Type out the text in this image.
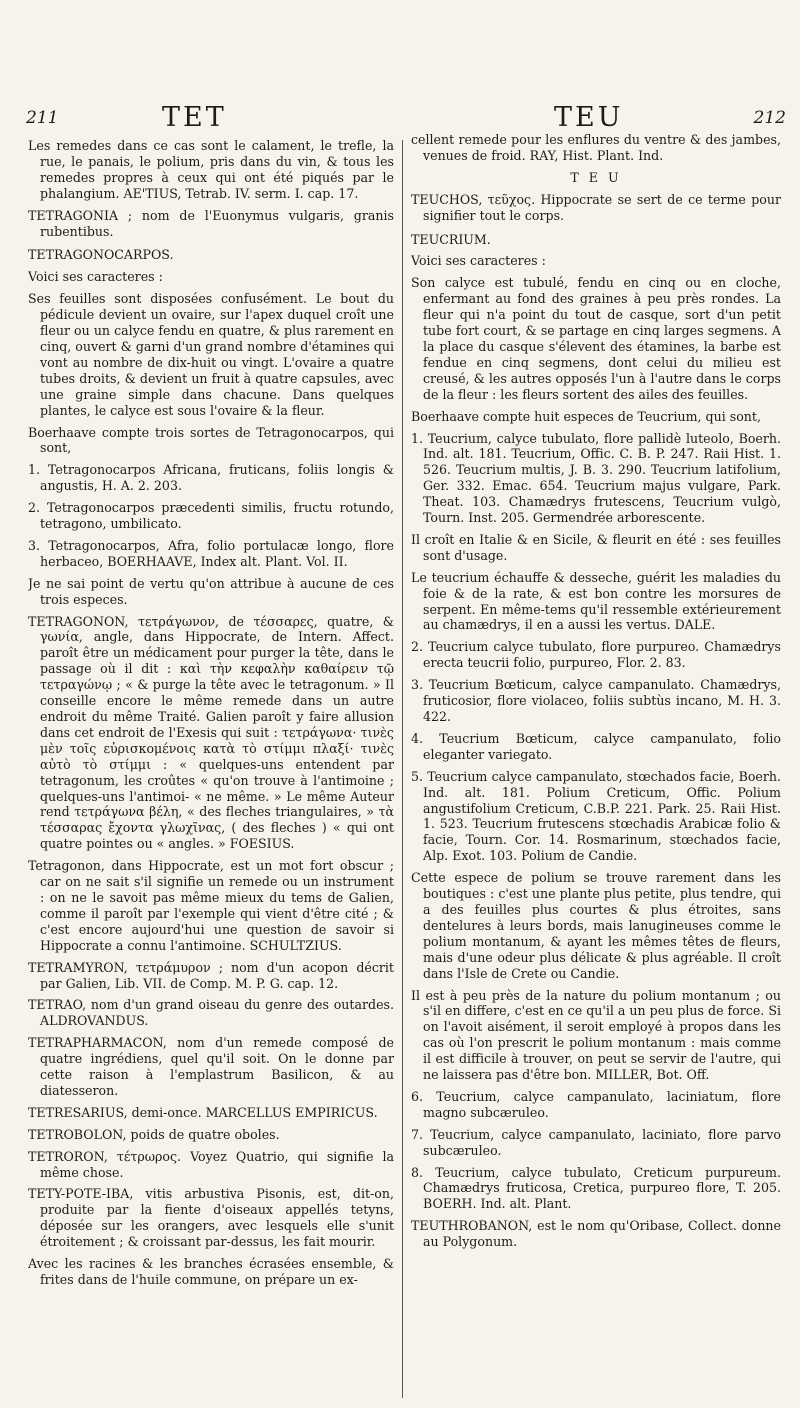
211	TET	TEU	212
Les remedes dans ce cas sont le calament, le trefle, la rue, le panais, le polium, pris dans du vin, & tous les remedes propres à ceux qui ont été piqués par le phalangium. AE'TIUS, Tetrab. IV. serm. I. cap. 17.
TETRAGONIA ; nom de l'Euonymus vulgaris, granis rubentibus.
TETRAGONOCARPOS.
Voici ses caracteres :
Ses feuilles sont disposées confusément. Le bout du pédicule devient un ovaire, sur l'apex duquel croît une fleur ou un calyce fendu en quatre, & plus rarement en cinq, ouvert & garni d'un grand nombre d'étamines qui vont au nombre de dix-huit ou vingt. L'ovaire a quatre tubes droits, & devient un fruit à quatre capsules, avec une graine simple dans chacune. Dans quelques plantes, le calyce est sous l'ovaire & la fleur.
Boerhaave compte trois sortes de Tetragonocarpos, qui sont,
1. Tetragonocarpos Africana, fruticans, foliis longis & angustis, H. A. 2. 203.
2. Tetragonocarpos præcedenti similis, fructu rotundo, tetragono, umbilicato.
3. Tetragonocarpos, Afra, folio portulacæ longo, flore herbaceo, BOERHAAVE, Index alt. Plant. Vol. II.
Je ne sai point de vertu qu'on attribue à aucune de ces trois especes.
TETRAGONON, τετράγωνον, de τέσσαρες, quatre, & γωνία, angle, dans Hippocrate, de Intern. Affect. paroît être un médicament pour purger la tête, dans le passage où il dit : καὶ τὴν κεφαλὴν καθαίρειν τῷ τετραγώνῳ ; « & purge la tête avec le tetragonum. » Il conseille encore le même remede dans un autre endroit du même Traité. Galien paroît y faire allusion dans cet endroit de l'Exesis qui suit : τετράγωνα· τινὲς μὲν τοῖς εὐρισκομένοις κατὰ τὸ στίμμι πλαξί· τινὲς αὐτὸ τὸ στίμμι : « quelques-uns entendent par tetragonum, les croûtes « qu'on trouve à l'antimoine ; quelques-uns l'antimoi- « ne même. » Le même Auteur rend τετράγωνα βέλη, « des fleches triangulaires, » τὰ τέσσαρας ἔχοντα γλωχῖνας, ( des fleches ) « qui ont quatre pointes ou « angles. » FOESIUS.
Tetragonon, dans Hippocrate, est un mot fort obscur ; car on ne sait s'il signifie un remede ou un instrument : on ne le savoit pas même mieux du tems de Galien, comme il paroît par l'exemple qui vient d'être cité ; & c'est encore aujourd'hui une question de savoir si Hippocrate a connu l'antimoine. SCHULTZIUS.
TETRAMYRON, τετράμυρον ; nom d'un acopon décrit par Galien, Lib. VII. de Comp. M. P. G. cap. 12.
TETRAO, nom d'un grand oiseau du genre des outardes. ALDROVANDUS.
TETRAPHARMACON, nom d'un remede composé de quatre ingrédiens, quel qu'il soit. On le donne par cette raison à l'emplastrum Basilicon, & au diatesseron.
TETRESARIUS, demi-once. MARCELLUS EMPIRICUS.
TETROBOLON, poids de quatre oboles.
TETRORON, τέτρωρος. Voyez Quatrio, qui signifie la même chose.
TETY-POTE-IBA, vitis arbustiva Pisonis, est, dit-on, produite par la fiente d'oiseaux appellés tetyns, déposée sur les orangers, avec lesquels elle s'unit étroitement ; & croissant par-dessus, les fait mourir.
Avec les racines & les branches écrasées ensemble, & frites dans de l'huile commune, on prépare un ex-
cellent remede pour les enflures du ventre & des jambes, venues de froid. RAY, Hist. Plant. Ind.
T E U
TEUCHOS, τεῦχος. Hippocrate se sert de ce terme pour signifier tout le corps.
TEUCRIUM.
Voici ses caracteres :
Son calyce est tubulé, fendu en cinq ou en cloche, enfermant au fond des graines à peu près rondes. La fleur qui n'a point du tout de casque, sort d'un petit tube fort court, & se partage en cinq larges segmens. A la place du casque s'élevent des étamines, la barbe est fendue en cinq segmens, dont celui du milieu est creusé, & les autres opposés l'un à l'autre dans le corps de la fleur : les fleurs sortent des ailes des feuilles.
Boerhaave compte huit especes de Teucrium, qui sont,
1. Teucrium, calyce tubulato, flore pallidè luteolo, Boerh. Ind. alt. 181. Teucrium, Offic. C. B. P. 247. Raii Hist. 1. 526. Teucrium multis, J. B. 3. 290. Teucrium latifolium, Ger. 332. Emac. 654. Teucrium majus vulgare, Park. Theat. 103. Chamædrys frutescens, Teucrium vulgò, Tourn. Inst. 205. Germendrée arborescente.
Il croît en Italie & en Sicile, & fleurit en été : ses feuilles sont d'usage.
Le teucrium échauffe & desseche, guérit les maladies du foie & de la rate, & est bon contre les morsures de serpent. En même-tems qu'il ressemble extérieurement au chamædrys, il en a aussi les vertus. DALE.
2. Teucrium calyce tubulato, flore purpureo. Chamædrys erecta teucrii folio, purpureo, Flor. 2. 83.
3. Teucrium Bœticum, calyce campanulato. Chamædrys, fruticosior, flore violaceo, foliis subtùs incano, M. H. 3. 422.
4. Teucrium Bœticum, calyce campanulato, folio eleganter variegato.
5. Teucrium calyce campanulato, stœchados facie, Boerh. Ind. alt. 181. Polium Creticum, Offic. Polium angustifolium Creticum, C.B.P. 221. Park. 25. Raii Hist. 1. 523. Teucrium frutescens stœchadis Arabicæ folio & facie, Tourn. Cor. 14. Rosmarinum, stœchados facie, Alp. Exot. 103. Polium de Candie.
Cette espece de polium se trouve rarement dans les boutiques : c'est une plante plus petite, plus tendre, qui a des feuilles plus courtes & plus étroites, sans dentelures à leurs bords, mais lanugineuses comme le polium montanum, & ayant les mêmes têtes de fleurs, mais d'une odeur plus délicate & plus agréable. Il croît dans l'Isle de Crete ou Candie.
Il est à peu près de la nature du polium montanum ; ou s'il en differe, c'est en ce qu'il a un peu plus de force. Si on l'avoit aisément, il seroit employé à propos dans les cas où l'on prescrit le polium montanum : mais comme il est difficile à trouver, on peut se servir de l'autre, qui ne laissera pas d'être bon. MILLER, Bot. Off.
6. Teucrium, calyce campanulato, laciniatum, flore magno subcæruleo.
7. Teucrium, calyce campanulato, laciniato, flore parvo subcæruleo.
8. Teucrium, calyce tubulato, Creticum purpureum. Chamædrys fruticosa, Cretica, purpureo flore, T. 205. BOERH. Ind. alt. Plant.
TEUTHROBANON, est le nom qu'Oribase, Collect. donne au Polygonum.
